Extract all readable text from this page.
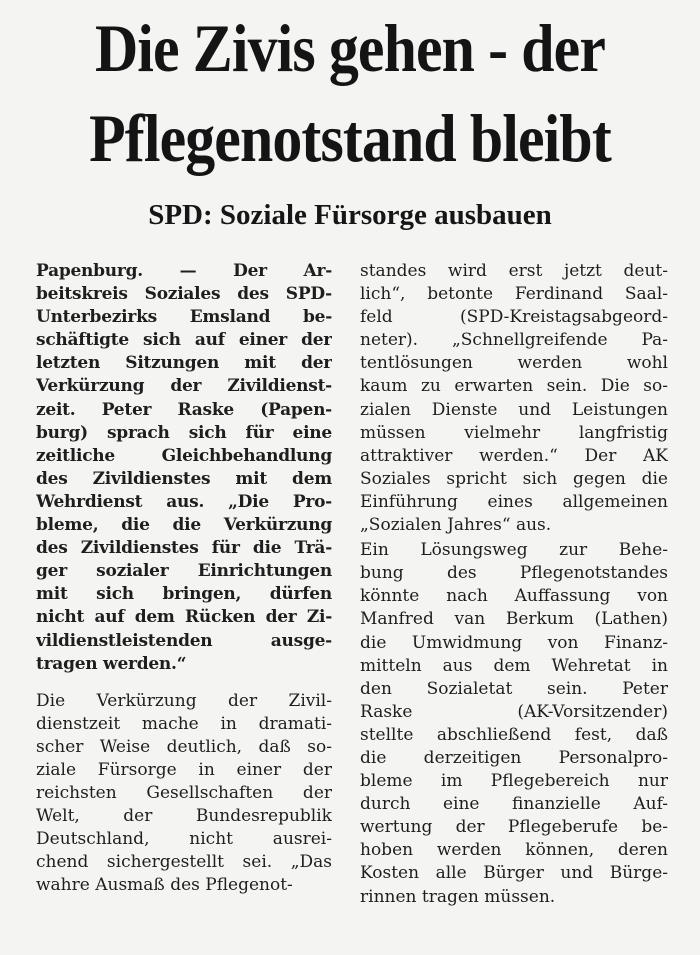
Die Zivis gehen - der
Pflegenotstand bleibt
SPD: Soziale Fürsorge ausbauen
Papenburg. — Der Ar-
beitskreis Soziales des SPD-
Unterbezirks Emsland be-
schäftigte sich auf einer der
letzten Sitzungen mit der
Verkürzung der Zivildienst-
zeit. Peter Raske (Papen-
burg) sprach sich für eine
zeitliche Gleichbehandlung
des Zivildienstes mit dem
Wehrdienst aus. „Die Pro-
bleme, die die Verkürzung
des Zivildienstes für die Trä-
ger sozialer Einrichtungen
mit sich bringen, dürfen
nicht auf dem Rücken der Zi-
vildienstleistenden ausge-
tragen werden.“
Die Verkürzung der Zivil-
dienstzeit mache in dramati-
scher Weise deutlich, daß so-
ziale Fürsorge in einer der
reichsten Gesellschaften der
Welt, der Bundesrepublik
Deutschland, nicht ausrei-
chend sichergestellt sei. „Das
wahre Ausmaß des Pflegenot-
standes wird erst jetzt deut-
lich“, betonte Ferdinand Saal-
feld (SPD-Kreistagsabgeord-
neter). „Schnellgreifende Pa-
tentlösungen werden wohl
kaum zu erwarten sein. Die so-
zialen Dienste und Leistungen
müssen vielmehr langfristig
attraktiver werden.“ Der AK
Soziales spricht sich gegen die
Einführung eines allgemeinen
„Sozialen Jahres“ aus.
Ein Lösungsweg zur Behe-
bung des Pflegenotstandes
könnte nach Auffassung von
Manfred van Berkum (Lathen)
die Umwidmung von Finanz-
mitteln aus dem Wehretat in
den Sozialetat sein. Peter
Raske (AK-Vorsitzender)
stellte abschließend fest, daß
die derzeitigen Personalpro-
bleme im Pflegebereich nur
durch eine finanzielle Auf-
wertung der Pflegeberufe be-
hoben werden können, deren
Kosten alle Bürger und Bürge-
rinnen tragen müssen.
